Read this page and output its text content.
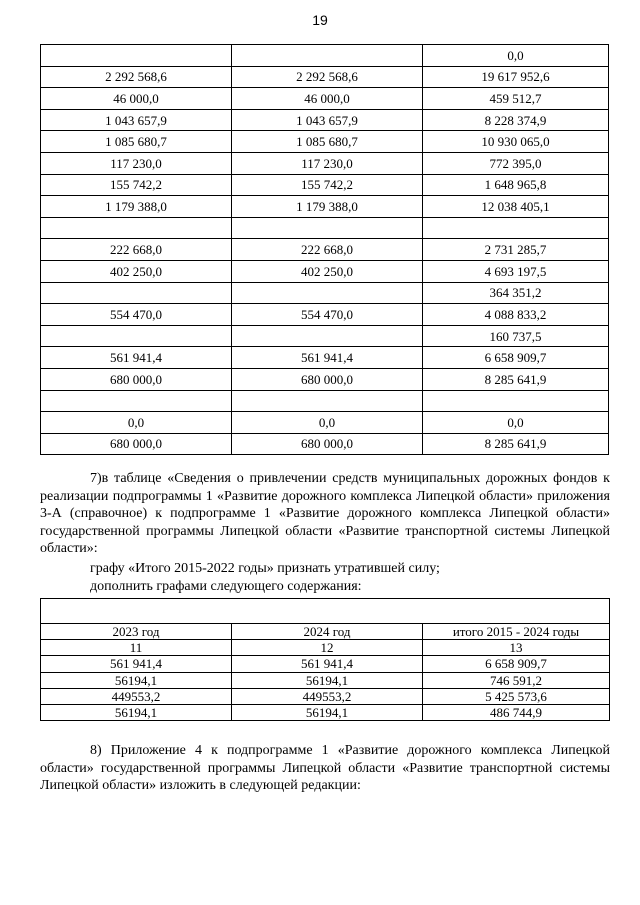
19
		0,0
2 292 568,6	2 292 568,6	19 617 952,6
46 000,0	46 000,0	459 512,7
1 043 657,9	1 043 657,9	8 228 374,9
1 085 680,7	1 085 680,7	10 930 065,0
117 230,0	117 230,0	772 395,0
155 742,2	155 742,2	1 648 965,8
1 179 388,0	1 179 388,0	12 038 405,1

222 668,0	222 668,0	2 731 285,7
402 250,0	402 250,0	4 693 197,5
		364 351,2
554 470,0	554 470,0	4 088 833,2
		160 737,5
561 941,4	561 941,4	6 658 909,7
680 000,0	680 000,0	8 285 641,9

0,0	0,0	0,0
680 000,0	680 000,0	8 285 641,9

7)в таблице «Сведения о привлечении средств муниципальных дорожных фондов к реализации подпрограммы 1 «Развитие дорожного комплекса Липецкой области» приложения 3-А (справочное) к подпрограмме 1 «Развитие дорожного комплекса Липецкой области» государственной программы Липецкой области «Развитие транспортной системы Липецкой области»:

графу «Итого 2015-2022 годы» признать утратившей силу;

дополнить графами следующего содержания:

2023 год	2024 год	итого 2015 - 2024 годы
11	12	13
561 941,4	561 941,4	6 658 909,7
56194,1	56194,1	746 591,2
449553,2	449553,2	5 425 573,6
56194,1	56194,1	486 744,9

8) Приложение 4 к подпрограмме 1 «Развитие дорожного комплекса Липецкой области» государственной программы Липецкой области «Развитие транспортной системы Липецкой области» изложить в следующей редакции:
